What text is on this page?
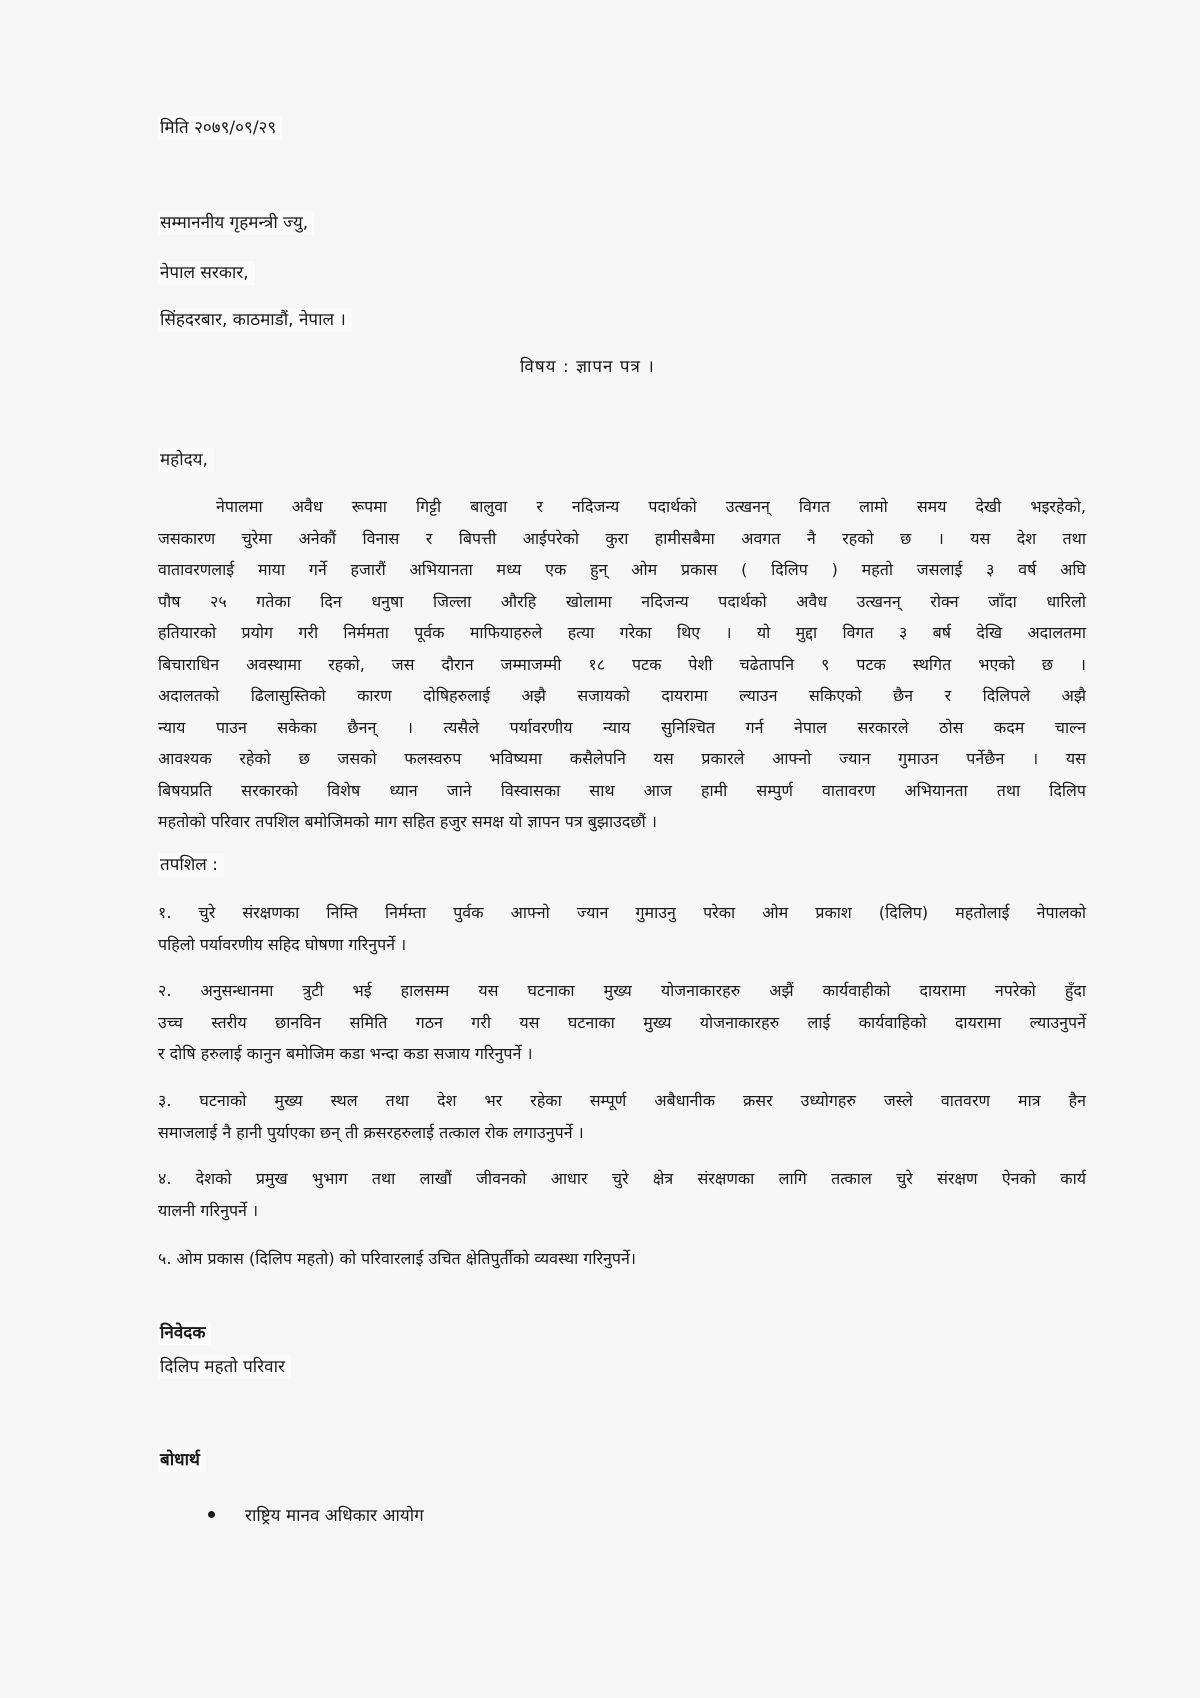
मिति २०७९/०९/२९
सम्माननीय गृहमन्त्री ज्यु,
नेपाल सरकार,
सिंहदरबार, काठमाडौं, नेपाल ।
विषय : ज्ञापन पत्र ।
महोदय,
नेपालमा अवैध रूपमा गिट्टी बालुवा र नदिजन्य पदार्थको उत्खनन् विगत लामो समय देखी भइरहेको,
जसकारण चुरेमा अनेकौं विनास र बिपत्ती आईपरेको कुरा हामीसबैमा अवगत नै रहको छ । यस देश तथा
वातावरणलाई माया गर्ने हजारौं अभियानता मध्य एक हुन् ओम प्रकास ( दिलिप ) महतो जसलाई ३ वर्ष अघि
पौष २५ गतेका दिन धनुषा जिल्ला औरहि खोलामा नदिजन्य पदार्थको अवैध उत्खनन् रोक्न जाँदा धारिलो
हतियारको प्रयोग गरी निर्ममता पूर्वक माफियाहरुले हत्या गरेका थिए । यो मुद्दा विगत ३ बर्ष देखि अदालतमा
बिचाराधिन अवस्थामा रहको, जस दौरान जम्माजम्मी १८ पटक पेशी चढेतापनि ९ पटक स्थगित भएको छ ।
अदालतको ढिलासुस्तिको कारण दोषिहरुलाई अझै सजायको दायरामा ल्याउन सकिएको छैन र दिलिपले अझै
न्याय पाउन सकेका छैनन् । त्यसैले पर्यावरणीय न्याय सुनिश्चित गर्न नेपाल सरकारले ठोस कदम चाल्न
आवश्यक रहेको छ जसको फलस्वरुप भविष्यमा कसैलेपनि यस प्रकारले आफ्नो ज्यान गुमाउन पर्नेछैन । यस
बिषयप्रति सरकारको विशेष ध्यान जाने विस्वासका साथ आज हामी सम्पुर्ण वातावरण अभियानता तथा दिलिप
महतोको परिवार तपशिल बमोजिमको माग सहित हजुर समक्ष यो ज्ञापन पत्र बुझाउदछौं ।
तपशिल :
१. चुरे संरक्षणका निम्ति निर्मम्ता पुर्वक आफ्नो ज्यान गुमाउनु परेका ओम प्रकाश (दिलिप) महतोलाई नेपालको
पहिलो पर्यावरणीय सहिद घोषणा गरिनुपर्ने ।
२. अनुसन्धानमा त्रुटी भई हालसम्म यस घटनाका मुख्य योजनाकारहरु अझैं कार्यवाहीको दायरामा नपरेको हुँदा
उच्च स्तरीय छानविन समिति गठन गरी यस घटनाका मुख्य योजनाकारहरु लाई कार्यवाहिको दायरामा ल्याउनुपर्ने
र दोषि हरुलाई कानुन बमोजिम कडा भन्दा कडा सजाय गरिनुपर्ने ।
३. घटनाको मुख्य स्थल तथा देश भर रहेका सम्पूर्ण अबैधानीक क्रसर उध्योगहरु जस्ले वातवरण मात्र हैन
समाजलाई नै हानी पुर्याएका छन् ती क्रसरहरुलाई तत्काल रोक लगाउनुपर्ने ।
४. देशको प्रमुख भुभाग तथा लाखौं जीवनको आधार चुरे क्षेत्र संरक्षणका लागि तत्काल चुरे संरक्षण ऐनको कार्य
यालनी गरिनुपर्ने ।
५. ओम प्रकास (दिलिप महतो) को परिवारलाई उचित क्षेतिपुर्तीको व्यवस्था गरिनुपर्ने।
निवेदक
दिलिप महतो परिवार
बोधार्थ
राष्ट्रिय मानव अधिकार आयोग
